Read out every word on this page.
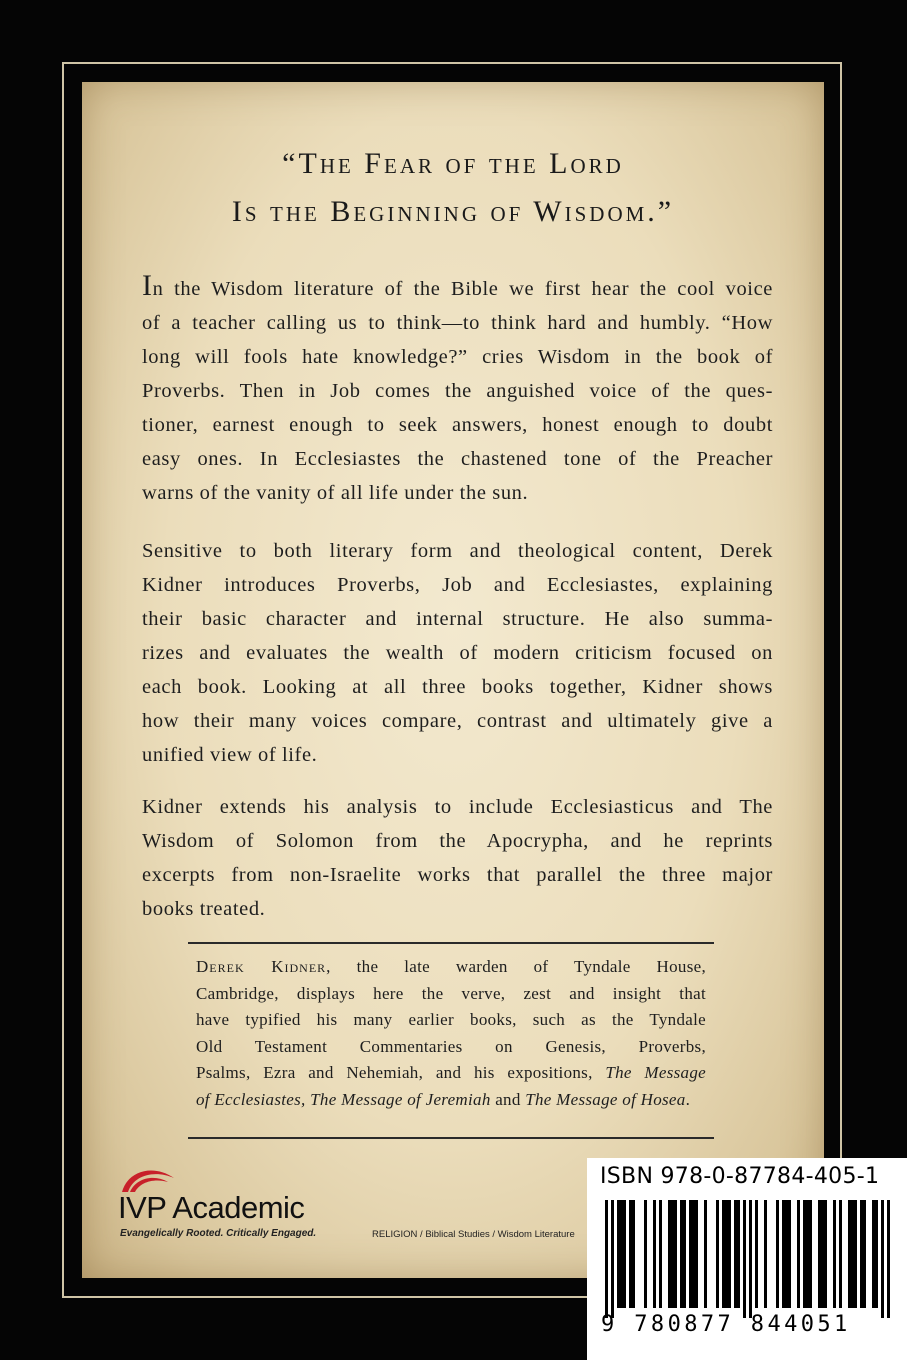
“The Fear of the Lord
Is the Beginning of Wisdom.”
In the Wisdom literature of the Bible we first hear the cool voice
of a teacher calling us to think—to think hard and humbly. “How
long will fools hate knowledge?” cries Wisdom in the book of
Proverbs. Then in Job comes the anguished voice of the ques-
tioner, earnest enough to seek answers, honest enough to doubt
easy ones. In Ecclesiastes the chastened tone of the Preacher
warns of the vanity of all life under the sun.
Sensitive to both literary form and theological content, Derek
Kidner introduces Proverbs, Job and Ecclesiastes, explaining
their basic character and internal structure. He also summa-
rizes and evaluates the wealth of modern criticism focused on
each book. Looking at all three books together, Kidner shows
how their many voices compare, contrast and ultimately give a
unified view of life.
Kidner extends his analysis to include Ecclesiasticus and The
Wisdom of Solomon from the Apocrypha, and he reprints
excerpts from non-Israelite works that parallel the three major
books treated.
Derek Kidner, the late warden of Tyndale House,
Cambridge, displays here the verve, zest and insight that
have typified his many earlier books, such as the Tyndale
Old Testament Commentaries on Genesis, Proverbs,
Psalms, Ezra and Nehemiah, and his expositions, The Message
of Ecclesiastes, The Message of Jeremiah and The Message of Hosea.
IVP Academic
Evangelically Rooted. Critically Engaged.	RELIGION / Biblical Studies / Wisdom Literature
ISBN 978-0-87784-405-1
9 780877 844051
